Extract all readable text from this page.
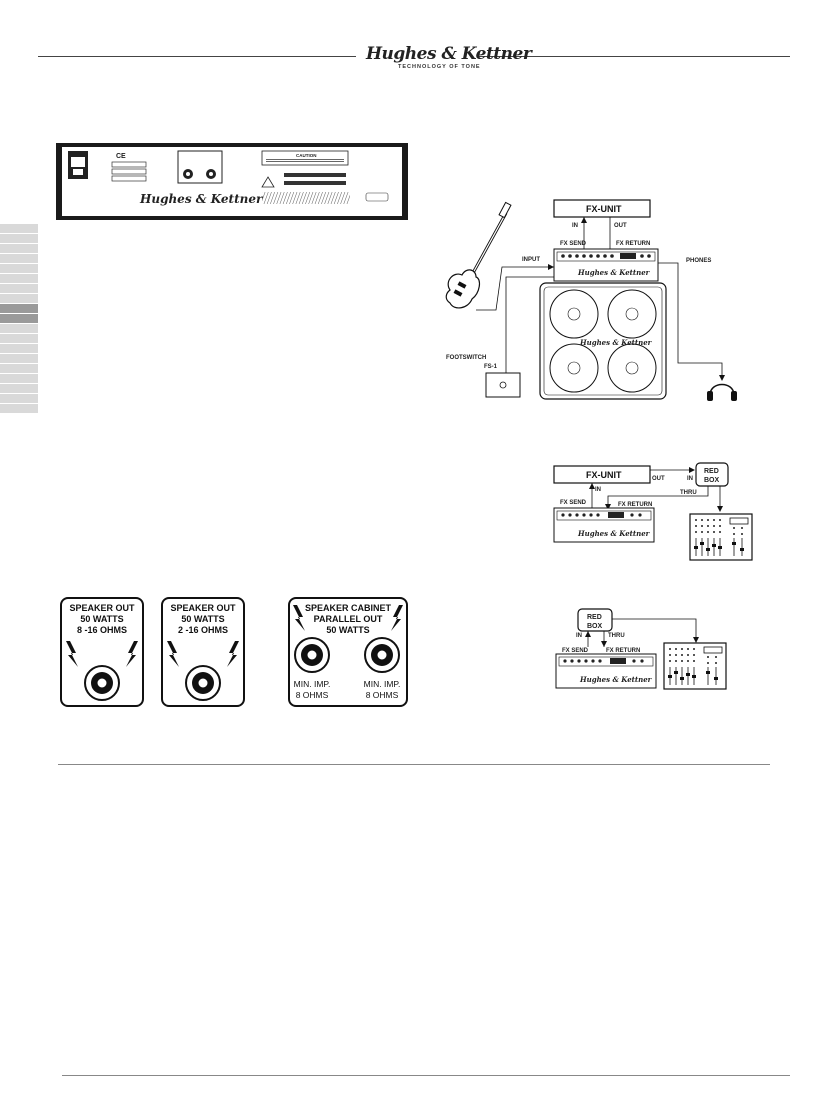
Hughes & Kettner
TECHNOLOGY OF TONE
CE	CAUTION
Hughes & Kettner
FX-UNIT
IN	OUT
FX SEND	FX RETURN
Hughes & Kettner
Hughes & Kettner
INPUT
FOOTSWITCH
FS-1
PHONES
FX-UNIT	OUT	IN
RED
BOX
THRU
IN
FX SEND	FX RETURN
Hughes & Kettner
RED
BOX
IN	THRU
FX SEND	FX RETURN
Hughes & Kettner
SPEAKER OUT
50 WATTS
8 -16 OHMS
SPEAKER OUT
50 WATTS
2 -16 OHMS
SPEAKER CABINET
PARALLEL OUT
50 WATTS
MIN. IMP.
8 OHMS
MIN. IMP.
8 OHMS
